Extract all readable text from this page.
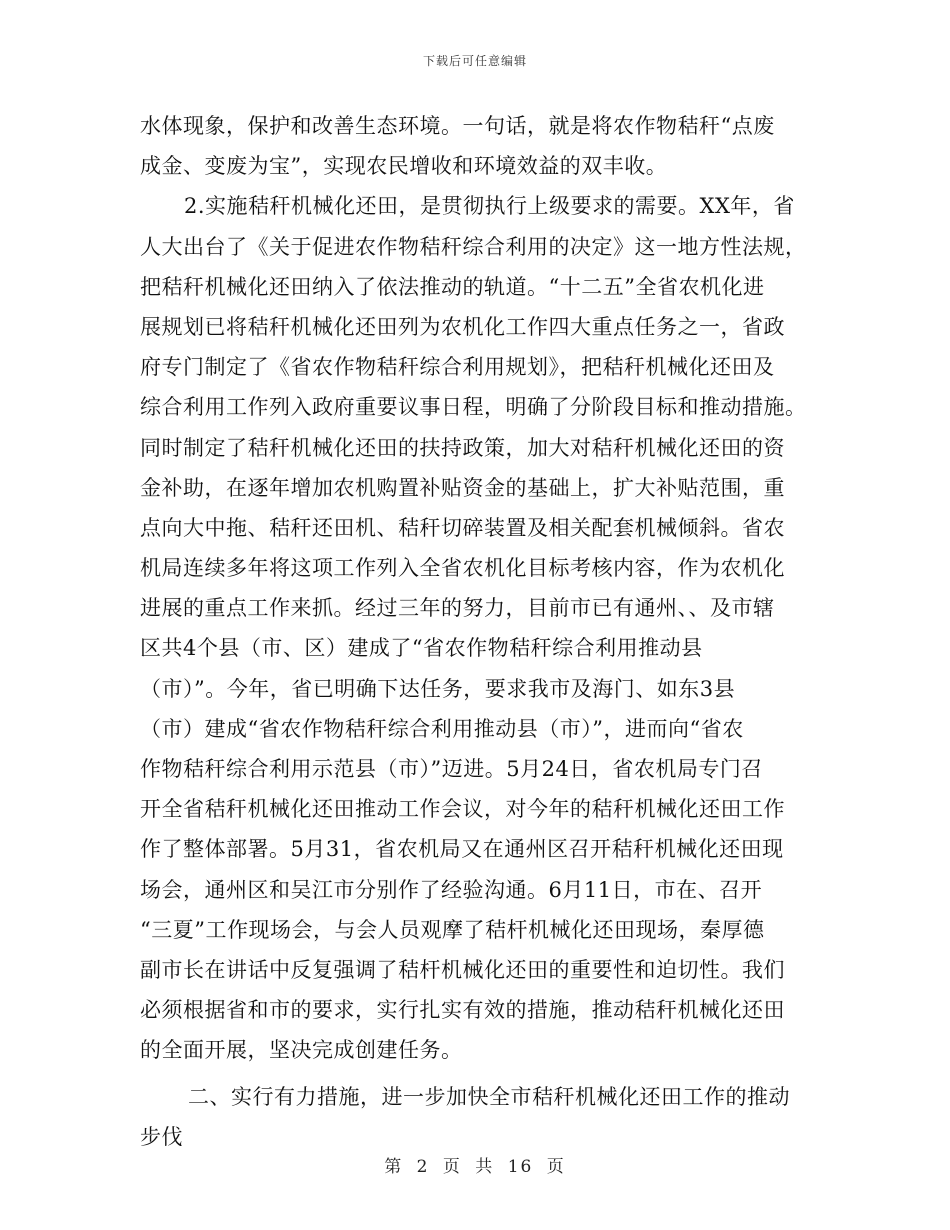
下载后可任意编辑
水体现象，保护和改善生态环境。一句话，就是将农作物秸秆“点废
成金、变废为宝”，实现农民增收和环境效益的双丰收。
2.实施秸秆机械化还田，是贯彻执行上级要求的需要。XX年，省
人大出台了《关于促进农作物秸秆综合利用的决定》这一地方性法规，
把秸秆机械化还田纳入了依法推动的轨道。“十二五”全省农机化进
展规划已将秸秆机械化还田列为农机化工作四大重点任务之一，省政
府专门制定了《省农作物秸秆综合利用规划》，把秸秆机械化还田及
综合利用工作列入政府重要议事日程，明确了分阶段目标和推动措施。
同时制定了秸秆机械化还田的扶持政策，加大对秸秆机械化还田的资
金补助，在逐年增加农机购置补贴资金的基础上，扩大补贴范围，重
点向大中拖、秸秆还田机、秸秆切碎装置及相关配套机械倾斜。省农
机局连续多年将这项工作列入全省农机化目标考核内容，作为农机化
进展的重点工作来抓。经过三年的努力，目前市已有通州、、及市辖
区共4个县（市、区）建成了“省农作物秸秆综合利用推动县
（市）”。今年，省已明确下达任务，要求我市及海门、如东3县
（市）建成“省农作物秸秆综合利用推动县（市）”，进而向“省农
作物秸秆综合利用示范县（市）”迈进。5月24日，省农机局专门召
开全省秸秆机械化还田推动工作会议，对今年的秸秆机械化还田工作
作了整体部署。5月31，省农机局又在通州区召开秸秆机械化还田现
场会，通州区和吴江市分别作了经验沟通。6月11日，市在、召开
“三夏”工作现场会，与会人员观摩了秸杆机械化还田现场，秦厚德
副市长在讲话中反复强调了秸杆机械化还田的重要性和迫切性。我们
必须根据省和市的要求，实行扎实有效的措施，推动秸秆机械化还田
的全面开展，坚决完成创建任务。
二、实行有力措施，进一步加快全市秸秆机械化还田工作的推动
步伐
第 2 页 共 16 页
